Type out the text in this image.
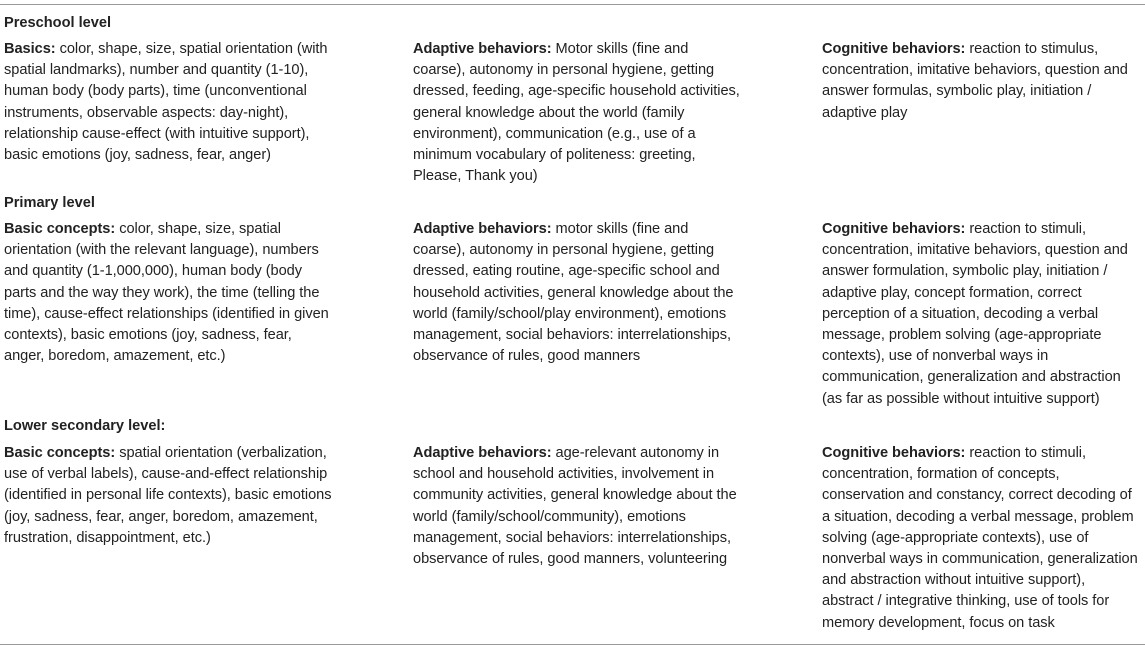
Preschool level
Basics: color, shape, size, spatial orientation (with spatial landmarks), number and quantity (1-10), human body (body parts), time (unconventional instruments, observable aspects: day-night), relationship cause-effect (with intuitive support), basic emotions (joy, sadness, fear, anger)
Adaptive behaviors: Motor skills (fine and coarse), autonomy in personal hygiene, getting dressed, feeding, age-specific household activities, general knowledge about the world (family environment), communication (e.g., use of a minimum vocabulary of politeness: greeting, Please, Thank you)
Cognitive behaviors: reaction to stimulus, concentration, imitative behaviors, question and answer formulas, symbolic play, initiation / adaptive play
Primary level
Basic concepts: color, shape, size, spatial orientation (with the relevant language), numbers and quantity (1-1,000,000), human body (body parts and the way they work), the time (telling the time), cause-effect relationships (identified in given contexts), basic emotions (joy, sadness, fear, anger, boredom, amazement, etc.)
Adaptive behaviors: motor skills (fine and coarse), autonomy in personal hygiene, getting dressed, eating routine, age-specific school and household activities, general knowledge about the world (family/school/play environment), emotions management, social behaviors: interrelationships, observance of rules, good manners
Cognitive behaviors: reaction to stimuli, concentration, imitative behaviors, question and answer formulation, symbolic play, initiation / adaptive play, concept formation, correct perception of a situation, decoding a verbal message, problem solving (age-appropriate contexts), use of nonverbal ways in communication, generalization and abstraction (as far as possible without intuitive support)
Lower secondary level:
Basic concepts: spatial orientation (verbalization, use of verbal labels), cause-and-effect relationship (identified in personal life contexts), basic emotions (joy, sadness, fear, anger, boredom, amazement, frustration, disappointment, etc.)
Adaptive behaviors: age-relevant autonomy in school and household activities, involvement in community activities, general knowledge about the world (family/school/community), emotions management, social behaviors: interrelationships, observance of rules, good manners, volunteering
Cognitive behaviors: reaction to stimuli, concentration, formation of concepts, conservation and constancy, correct decoding of a situation, decoding a verbal message, problem solving (age-appropriate contexts), use of nonverbal ways in communication, generalization and abstraction without intuitive support), abstract / integrative thinking, use of tools for memory development, focus on task
